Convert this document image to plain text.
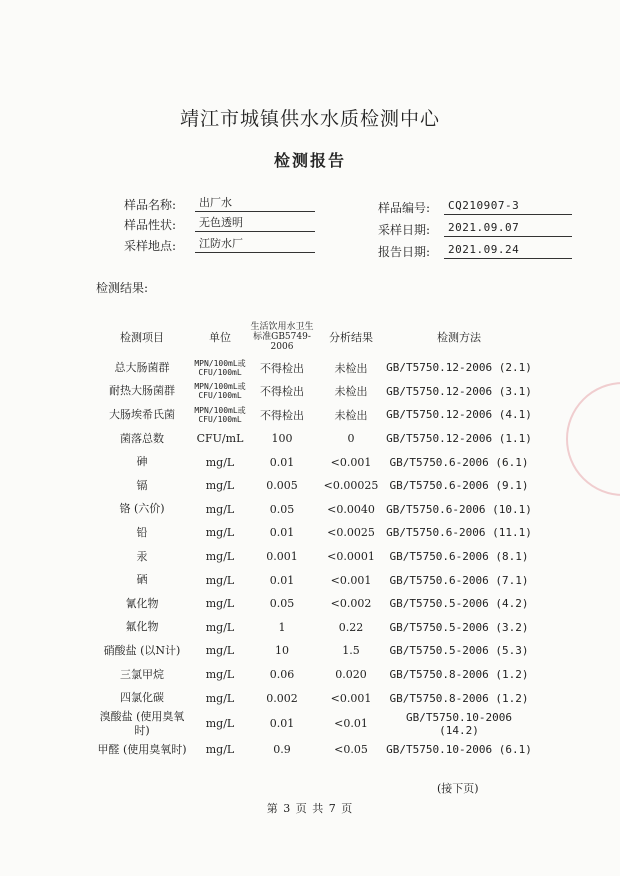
靖江市城镇供水水质检测中心
检测报告
样品名称:	出厂水
样品性状:	无色透明
采样地点:	江防水厂
样品编号:	CQ210907-3
采样日期:	2021.09.07
报告日期:	2021.09.24
检测结果:
检测项目	单位	生活饮用水卫生标准GB5749-2006	分析结果	检测方法
总大肠菌群	MPN/100mL或CFU/100mL	不得检出	未检出	GB/T5750.12-2006 (2.1)
耐热大肠菌群	MPN/100mL或CFU/100mL	不得检出	未检出	GB/T5750.12-2006 (3.1)
大肠埃希氏菌	MPN/100mL或CFU/100mL	不得检出	未检出	GB/T5750.12-2006 (4.1)
菌落总数	CFU/mL	100	0	GB/T5750.12-2006 (1.1)
砷	mg/L	0.01	<0.001	GB/T5750.6-2006 (6.1)
镉	mg/L	0.005	<0.00025	GB/T5750.6-2006 (9.1)
铬 (六价)	mg/L	0.05	<0.0040	GB/T5750.6-2006 (10.1)
铅	mg/L	0.01	<0.0025	GB/T5750.6-2006 (11.1)
汞	mg/L	0.001	<0.0001	GB/T5750.6-2006 (8.1)
硒	mg/L	0.01	<0.001	GB/T5750.6-2006 (7.1)
氰化物	mg/L	0.05	<0.002	GB/T5750.5-2006 (4.2)
氟化物	mg/L	1	0.22	GB/T5750.5-2006 (3.2)
硝酸盐 (以N计)	mg/L	10	1.5	GB/T5750.5-2006 (5.3)
三氯甲烷	mg/L	0.06	0.020	GB/T5750.8-2006 (1.2)
四氯化碳	mg/L	0.002	<0.001	GB/T5750.8-2006 (1.2)
溴酸盐 (使用臭氧时)	mg/L	0.01	<0.01	GB/T5750.10-2006 (14.2)
甲醛 (使用臭氧时)	mg/L	0.9	<0.05	GB/T5750.10-2006 (6.1)
(接下页)
第 3 页 共 7 页
